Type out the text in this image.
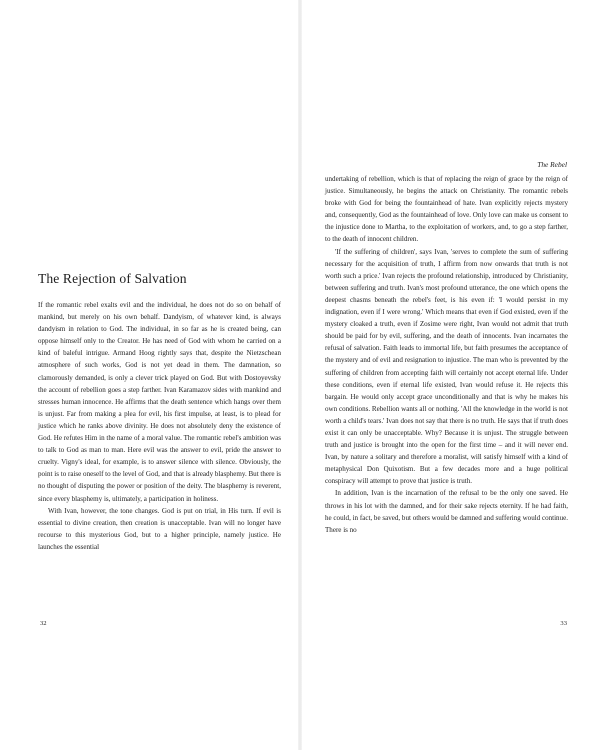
The Rejection of Salvation

If the romantic rebel exalts evil and the individual, he does not do so on behalf of mankind, but merely on his own behalf. Dandyism, of whatever kind, is always dandyism in relation to God. The individual, in so far as he is created being, can oppose himself only to the Creator. He has need of God with whom he carried on a kind of baleful intrigue. Armand Hoog rightly says that, despite the Nietzschean atmosphere of such works, God is not yet dead in them. The damnation, so clamorously demanded, is only a clever trick played on God. But with Dostoyevsky the account of rebellion goes a step farther. Ivan Karamazov sides with mankind and stresses human innocence. He affirms that the death sentence which hangs over them is unjust. Far from making a plea for evil, his first impulse, at least, is to plead for justice which he ranks above divinity. He does not absolutely deny the existence of God. He refutes Him in the name of a moral value. The romantic rebel's ambition was to talk to God as man to man. Here evil was the answer to evil, pride the answer to cruelty. Vigny's ideal, for example, is to answer silence with silence. Obviously, the point is to raise oneself to the level of God, and that is already blasphemy. But there is no thought of disputing the power or position of the deity. The blasphemy is reverent, since every blasphemy is, ultimately, a participation in holiness.

With Ivan, however, the tone changes. God is put on trial, in His turn. If evil is essential to divine creation, then creation is unacceptable. Ivan will no longer have recourse to this mysterious God, but to a higher principle, namely justice. He launches the essential

32
The Rebel

undertaking of rebellion, which is that of replacing the reign of grace by the reign of justice. Simultaneously, he begins the attack on Christianity. The romantic rebels broke with God for being the fountainhead of hate. Ivan explicitly rejects mystery and, consequently, God as the fountainhead of love. Only love can make us consent to the injustice done to Martha, to the exploitation of workers, and, to go a step farther, to the death of innocent children.

'If the suffering of children', says Ivan, 'serves to complete the sum of suffering necessary for the acquisition of truth, I affirm from now onwards that truth is not worth such a price.' Ivan rejects the profound relationship, introduced by Christianity, between suffering and truth. Ivan's most profound utterance, the one which opens the deepest chasms beneath the rebel's feet, is his even if: 'I would persist in my indignation, even if I were wrong.' Which means that even if God existed, even if the mystery cloaked a truth, even if Zosime were right, Ivan would not admit that truth should be paid for by evil, suffering, and the death of innocents. Ivan incarnates the refusal of salvation. Faith leads to immortal life, but faith presumes the acceptance of the mystery and of evil and resignation to injustice. The man who is prevented by the suffering of children from accepting faith will certainly not accept eternal life. Under these conditions, even if eternal life existed, Ivan would refuse it. He rejects this bargain. He would only accept grace unconditionally and that is why he makes his own conditions. Rebellion wants all or nothing. 'All the knowledge in the world is not worth a child's tears.' Ivan does not say that there is no truth. He says that if truth does exist it can only be unacceptable. Why? Because it is unjust. The struggle between truth and justice is brought into the open for the first time – and it will never end. Ivan, by nature a solitary and therefore a moralist, will satisfy himself with a kind of metaphysical Don Quixotism. But a few decades more and a huge political conspiracy will attempt to prove that justice is truth.

In addition, Ivan is the incarnation of the refusal to be the only one saved. He throws in his lot with the damned, and for their sake rejects eternity. If he had faith, he could, in fact, be saved, but others would be damned and suffering would continue. There is no

33
